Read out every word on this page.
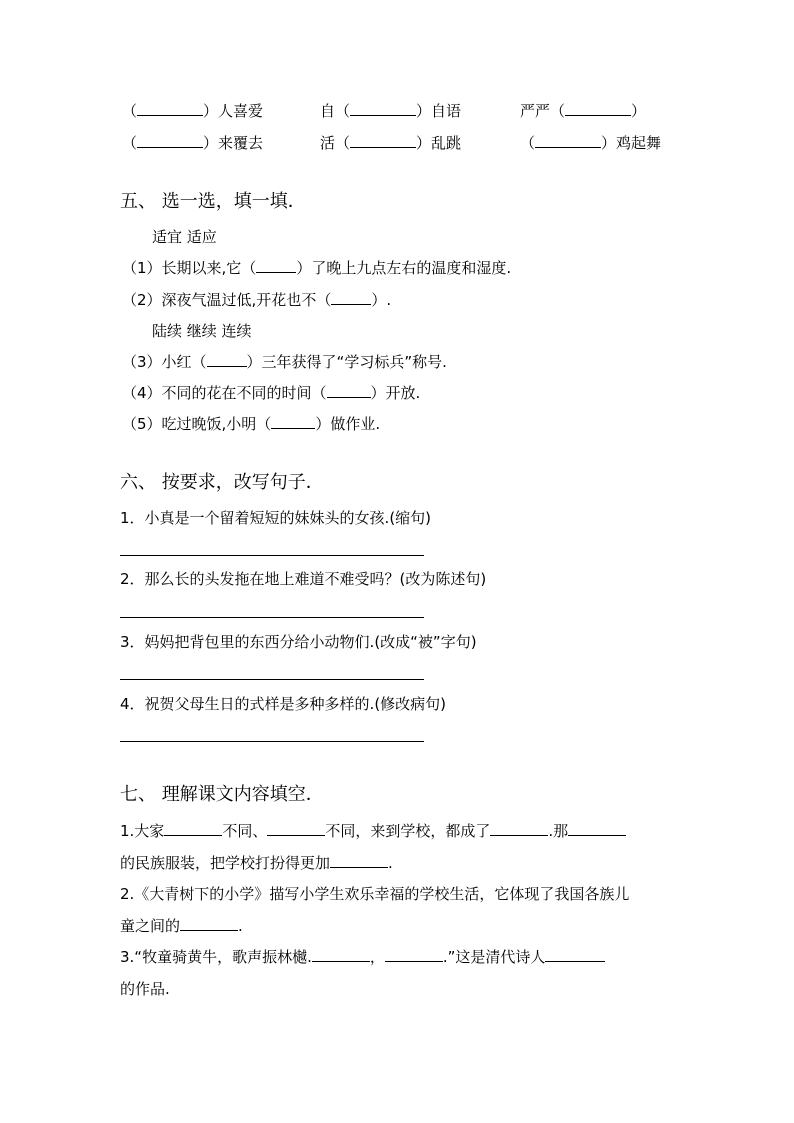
（	）人喜爱	自（	）自语	严严（	）
（	）来覆去	活（	）乱跳	（	）鸡起舞
五、 选一选，填一填．
适宜 适应
（1）长期以来,它（	）了晚上九点左右的温度和湿度.
（2）深夜气温过低,开花也不（	）.
陆续 继续 连续
（3）小红（	）三年获得了“学习标兵”称号.
（4）不同的花在不同的时间（	）开放.
（5）吃过晚饭,小明（	）做作业.
六、 按要求，改写句子．
1．小真是一个留着短短的妹妹头的女孩.(缩句)
2．那么长的头发拖在地上难道不难受吗？(改为陈述句)
3．妈妈把背包里的东西分给小动物们.(改成“被”字句)
4．祝贺父母生日的式样是多种多样的.(修改病句)
七、 理解课文内容填空．
1.大家	不同、	不同，来到学校，都成了	.那
的民族服装，把学校打扮得更加	.
2.《大青树下的小学》描写小学生欢乐幸福的学校生活，它体现了我国各族儿
童之间的	.
3.“牧童骑黄牛，歌声振林樾.	，	.”这是清代诗人
的作品.
